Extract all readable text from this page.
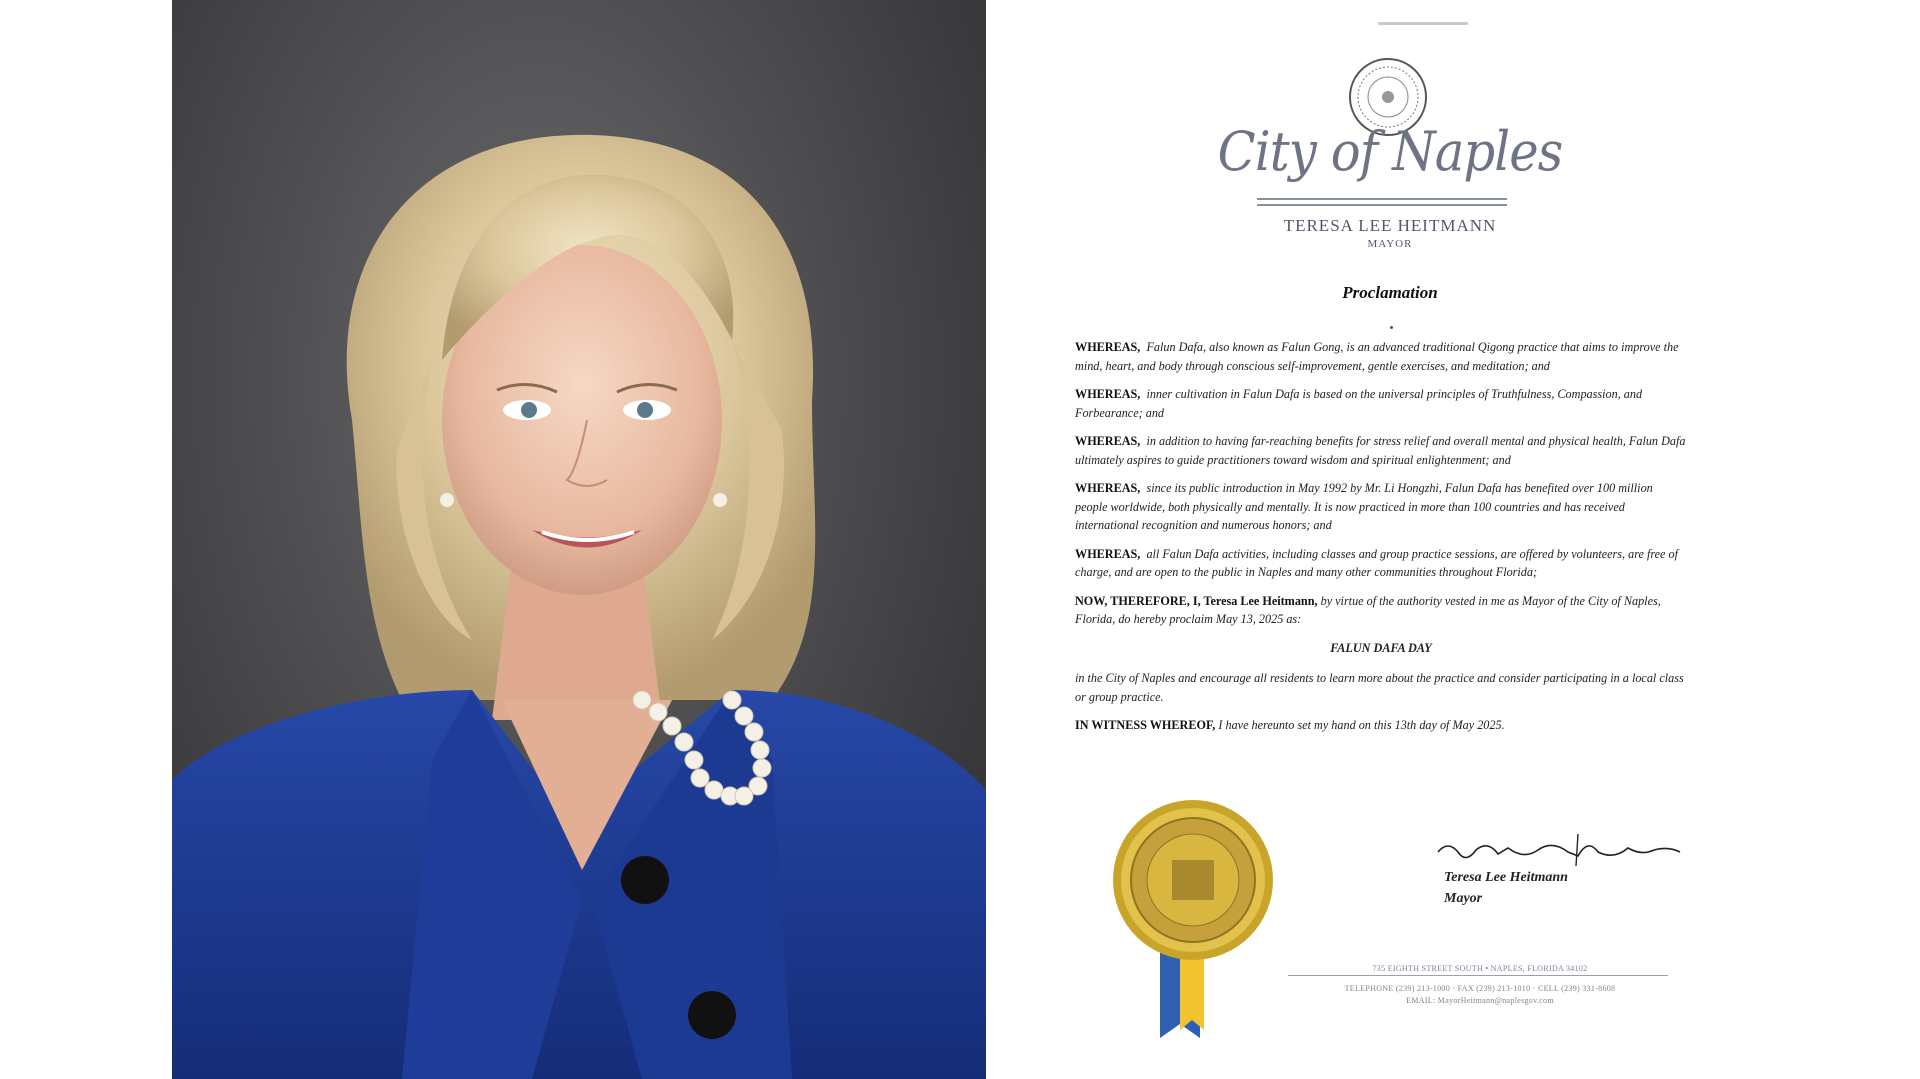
City of Naples
TERESA LEE HEITMANN
MAYOR
Proclamation

WHEREAS, Falun Dafa, also known as Falun Gong, is an advanced traditional Qigong practice that aims to improve the mind, heart, and body through conscious self-improvement, gentle exercises, and meditation; and

WHEREAS, inner cultivation in Falun Dafa is based on the universal principles of Truthfulness, Compassion, and Forbearance; and

WHEREAS, in addition to having far-reaching benefits for stress relief and overall mental and physical health, Falun Dafa ultimately aspires to guide practitioners toward wisdom and spiritual enlightenment; and

WHEREAS, since its public introduction in May 1992 by Mr. Li Hongzhi, Falun Dafa has benefited over 100 million people worldwide, both physically and mentally. It is now practiced in more than 100 countries and has received international recognition and numerous honors; and

WHEREAS, all Falun Dafa activities, including classes and group practice sessions, are offered by volunteers, are free of charge, and are open to the public in Naples and many other communities throughout Florida;

NOW, THEREFORE, I, Teresa Lee Heitmann, by virtue of the authority vested in me as Mayor of the City of Naples, Florida, do hereby proclaim May 13, 2025 as:

FALUN DAFA DAY

in the City of Naples and encourage all residents to learn more about the practice and consider participating in a local class or group practice.

IN WITNESS WHEREOF, I have hereunto set my hand on this 13th day of May 2025.

Teresa Lee Heitmann
Mayor
735 EIGHTH STREET SOUTH • NAPLES, FLORIDA 34102
TELEPHONE (239) 213-1000 · FAX (239) 213-1010 · CELL (239) 331-8608
EMAIL: MayorHeitmann@naplesgov.com
